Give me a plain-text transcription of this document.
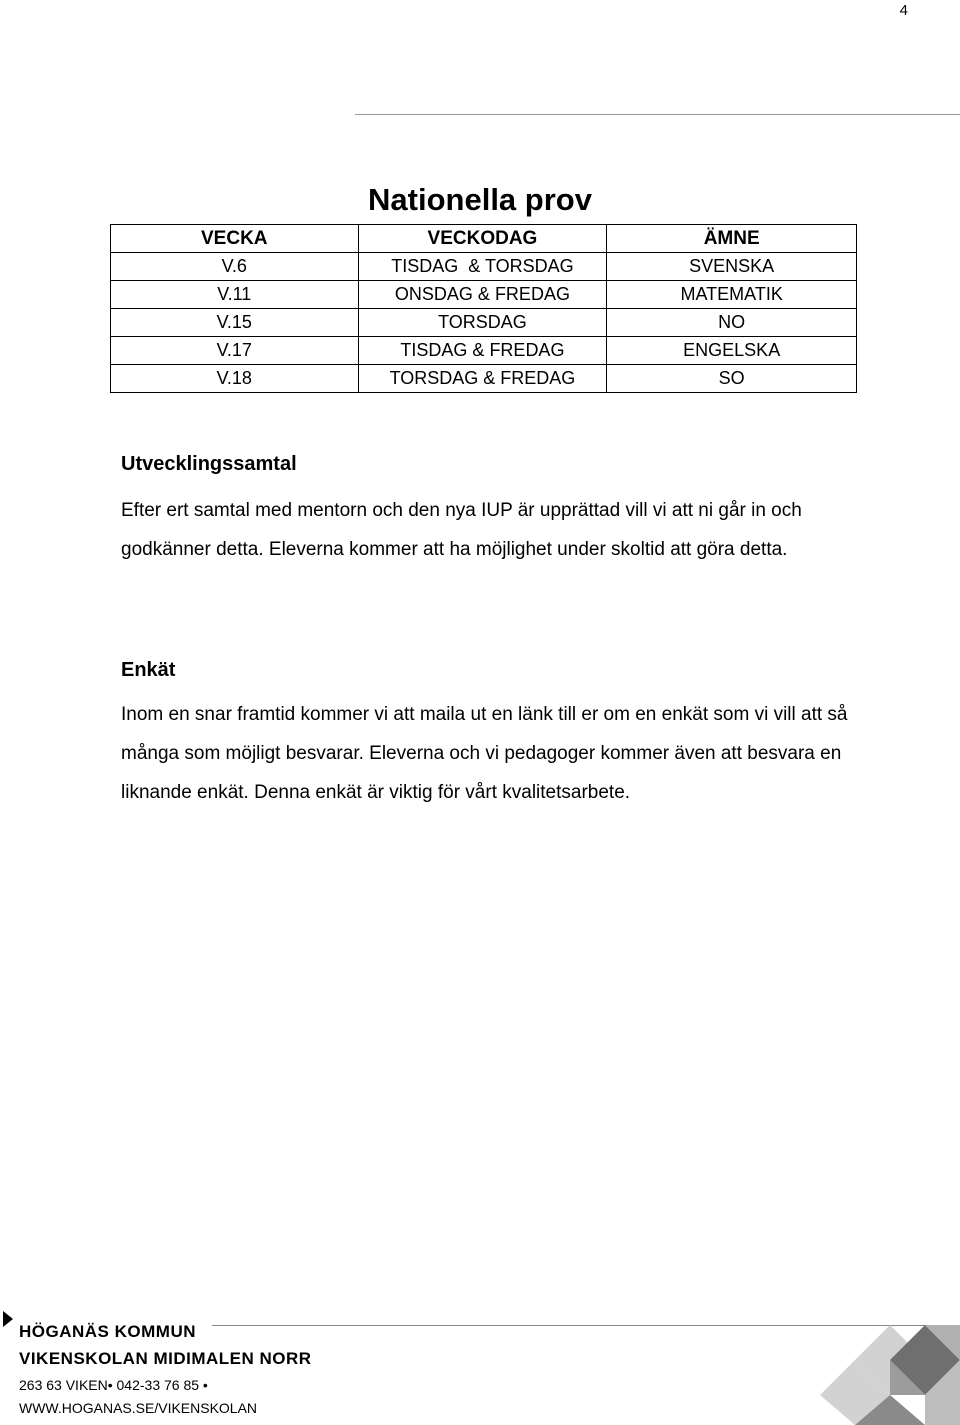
4
Nationella prov
VECKA	VECKODAG	ÄMNE
V.6	TISDAG  & TORSDAG	SVENSKA
V.11	ONSDAG & FREDAG	MATEMATIK
V.15	TORSDAG	NO
V.17	TISDAG & FREDAG	ENGELSKA
V.18	TORSDAG & FREDAG	SO
Utvecklingssamtal

Efter ert samtal med mentorn och den nya IUP är upprättad vill vi att ni går in och godkänner detta. Eleverna kommer att ha möjlighet under skoltid att göra detta.

Enkät

Inom en snar framtid kommer vi att maila ut en länk till er om en enkät som vi vill att så många som möjligt besvarar. Eleverna och vi pedagoger kommer även att besvara en liknande enkät. Denna enkät är viktig för vårt kvalitetsarbete.

HÖGANÄS KOMMUN
VIKENSKOLAN MIDIMALEN NORR
263 63 VIKEN• 042-33 76 85 •
WWW.HOGANAS.SE/VIKENSKOLAN
